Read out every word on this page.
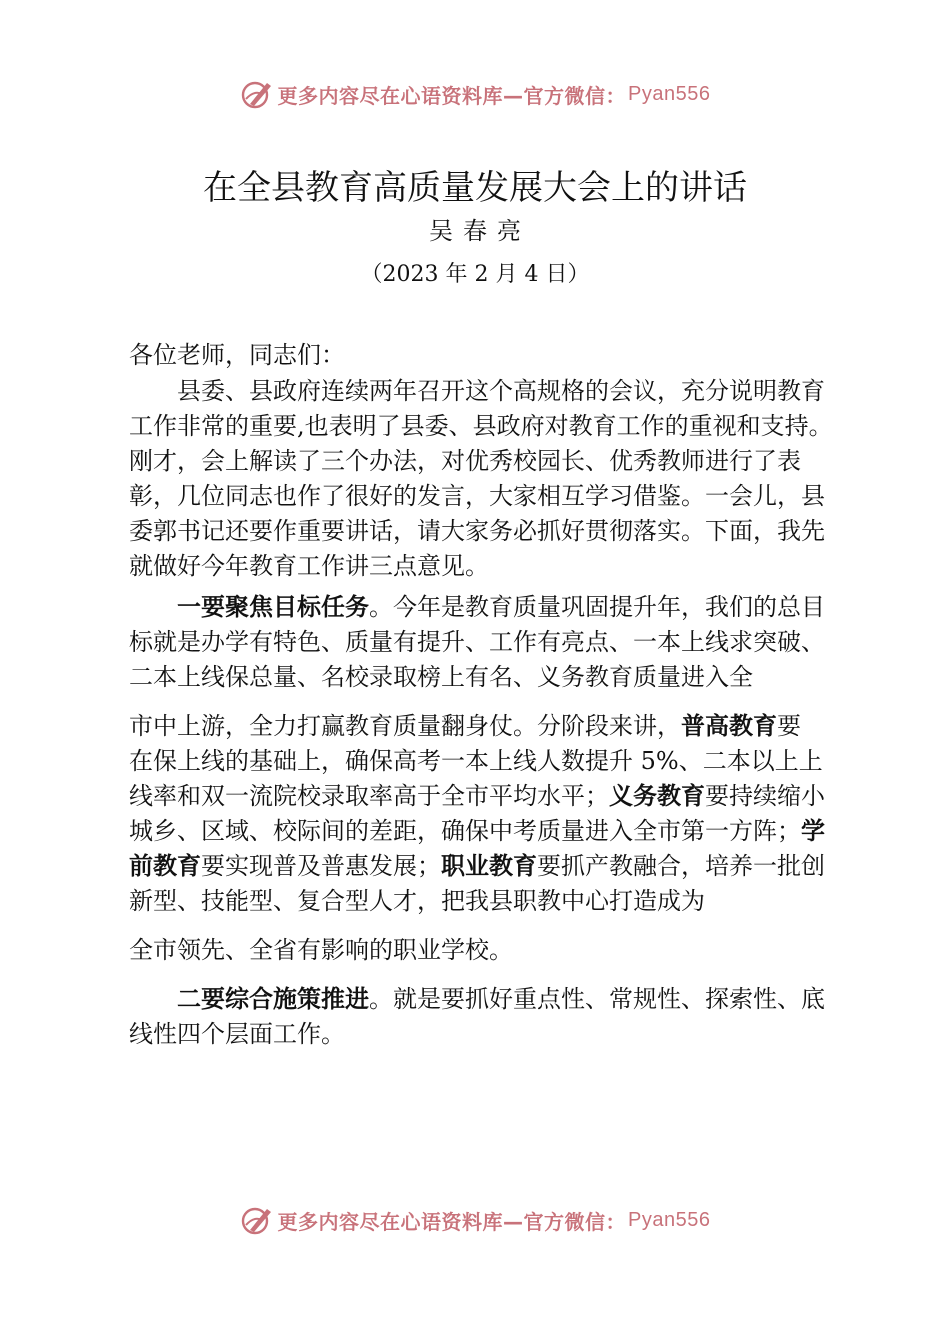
更多内容尽在心语资料库—官方微信： Pyan556
在全县教育高质量发展大会上的讲话
吴春亮
（2023 年 2 月 4 日）

各位老师，同志们：

县委、县政府连续两年召开这个高规格的会议，充分说明教育工作非常的重要,也表明了县委、县政府对教育工作的重视和支持。刚才，会上解读了三个办法，对优秀校园长、优秀教师进行了表彰，几位同志也作了很好的发言，大家相互学习借鉴。一会儿，县委郭书记还要作重要讲话，请大家务必抓好贯彻落实。下面，我先就做好今年教育工作讲三点意见。

一要聚焦目标任务。今年是教育质量巩固提升年，我们的总目标就是办学有特色、质量有提升、工作有亮点、一本上线求突破、二本上线保总量、名校录取榜上有名、义务教育质量进入全

市中上游，全力打赢教育质量翻身仗。分阶段来讲，普高教育要

在保上线的基础上，确保高考一本上线人数提升 5%、二本以上上线率和双一流院校录取率高于全市平均水平；义务教育要持续缩小城乡、区域、校际间的差距，确保中考质量进入全市第一方阵；学前教育要实现普及普惠发展；职业教育要抓产教融合，培养一批创新型、技能型、复合型人才，把我县职教中心打造成为

全市领先、全省有影响的职业学校。

二要综合施策推进。就是要抓好重点性、常规性、探索性、底线性四个层面工作。

更多内容尽在心语资料库—官方微信： Pyan556
